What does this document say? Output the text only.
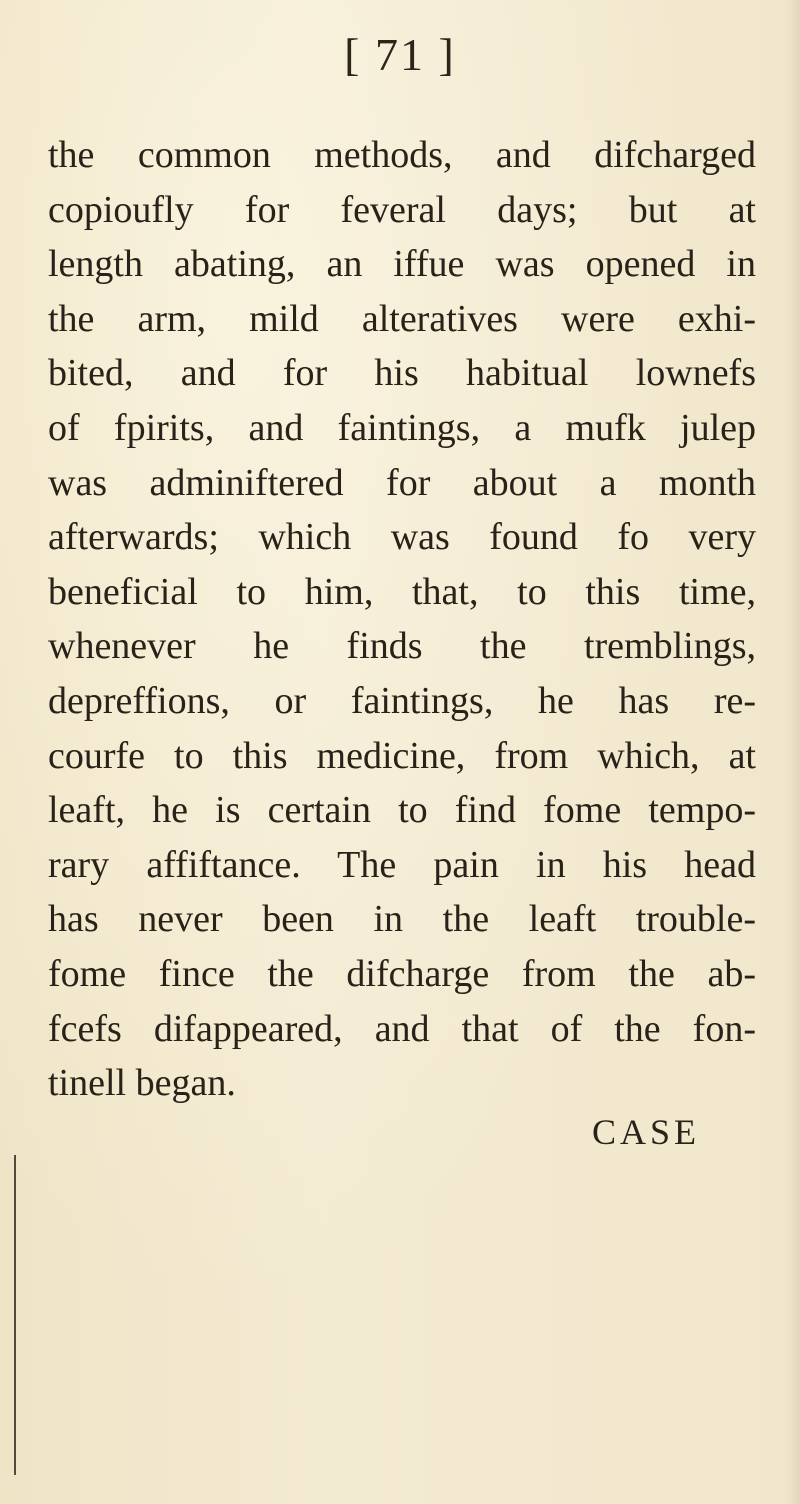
[ 71 ]
the common methods, and difcharged
copioufly for feveral days; but at
length abating, an iffue was opened in
the arm, mild alteratives were exhi-
bited, and for his habitual lownefs
of fpirits, and faintings, a mufk julep
was adminiftered for about a month
afterwards; which was found fo very
beneficial to him, that, to this time,
whenever he finds the tremblings,
depreffions, or faintings, he has re-
courfe to this medicine, from which, at
leaft, he is certain to find fome tempo-
rary affiftance. The pain in his head
has never been in the leaft trouble-
fome fince the difcharge from the ab-
fcefs difappeared, and that of the fon-
tinell began.
CASE
